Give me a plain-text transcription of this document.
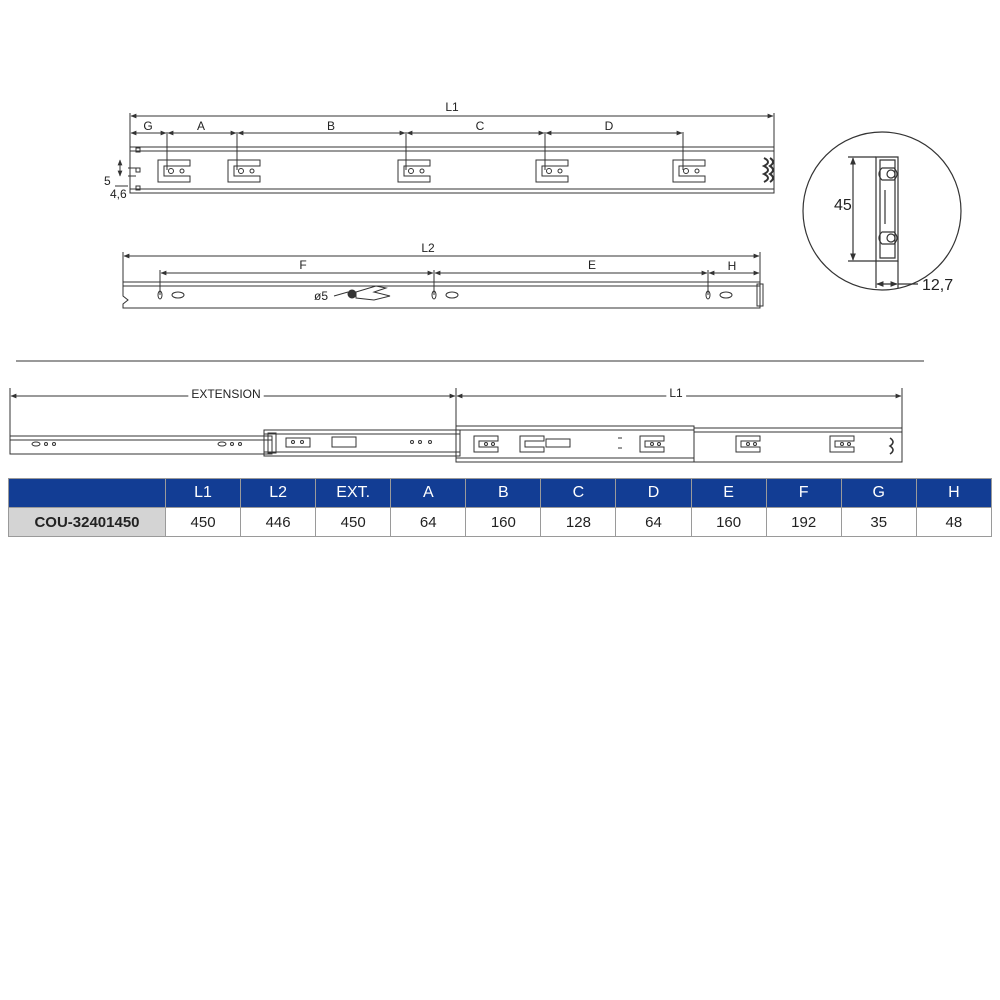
L1
G	A	B	C	D
5
4,6
L2
F	E	H
ø5
45
12,7
EXTENSION	L1
	L1	L2	EXT.	A	B	C	D	E	F	G	H
COU-32401450	450	446	450	64	160	128	64	160	192	35	48
